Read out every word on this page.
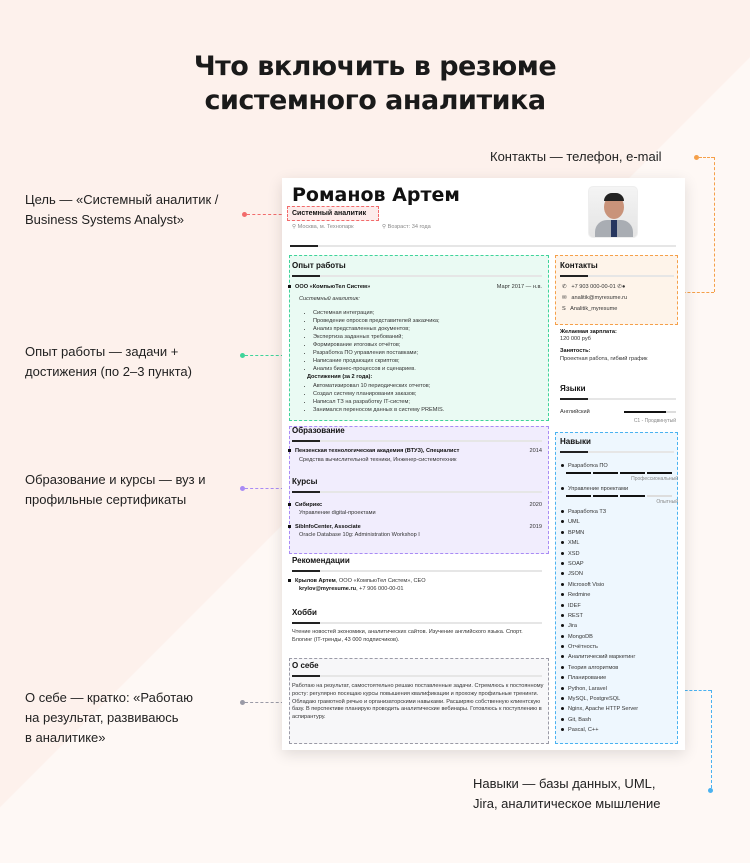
Что включить в резюме
системного аналитика
Цель — «Системный аналитик /
Business Systems Analyst»
Контакты — телефон, e-mail
Опыт работы — задачи +
достижения (по 2–3 пункта)
Образование и курсы — вуз и
профильные сертификаты
О себе — кратко: «Работаю
на результат, развиваюсь
в аналитике»
Навыки — базы данных, UML,
Jira, аналитическое мышление
Романов Артем
Системный аналитик
⚲ Москва, м. Технопарк	⚲ Возраст: 34 года
Опыт работы
ООО «КомпьюТел Систем»	Март 2017 — н.в.
Системный аналитик:
• Системная интеграция;
• Проведение опросов представителей заказчика;
• Анализ представленных документов;
• Экспертиза заданных требований;
• Формирование итоговых отчётов;
• Разработка ПО управления поставками;
• Написание продающих скриптов;
• Анализ бизнес-процессов и сценариев.
Достижения (за 2 года):
• Автоматизировал 10 периодических отчетов;
• Создал систему планирования заказов;
• Написал ТЗ на разработку IT-систем;
• Занимался переносом данных в систему PREMIS.
Образование
Пензенская технологическая академия (ВТУЗ), Специалист	2014
Средства вычислительной техники, Инженер-системотехник
Курсы
Сибирикс	2020
Управление digital-проектами
SibInfoCenter, Associate	2019
Oracle Database 10g: Administration Workshop I
Рекомендации
Крылов Артем, ООО «КомпьюТел Систем», CEO
krylov@myresume.ru, +7 906 000-00-01
Хобби
Чтение новостей экономики, аналитических сайтов. Изучение английского языка. Спорт. Блогинг (IT-тренды, 43 000 подписчиков).
О себе
Работаю на результат, самостоятельно решаю поставленные задачи. Стремлюсь к постоянному росту: регулярно посещаю курсы повышения квалификации и прохожу профильные тренинги. Обладаю грамотной речью и организаторскими навыками. Расширяю собственную клиентскую базу. В перспективе планирую проводить аналитические вебинары. Готовлюсь к поступлению в аспирантуру.
Контакты
✆ +7 903 000-00-01 ✆●
✉ analitik@myresume.ru
S Analitik_myresume
Желаемая зарплата:
120 000 руб
Занятость:
Проектная работа, гибкий график
Языки
Английский
C1 - Продвинутый
Навыки
Разработка ПО
Профессиональный
Управление проектами
Опытный
Разработка ТЗ
UML
BPMN
XML
XSD
SOAP
JSON
Microsoft Visio
Redmine
IDEF
REST
Jira
MongoDB
Отчётность
Аналитический маркетинг
Теория алгоритмов
Планирование
Python, Laravel
MySQL, PostgreSQL
Nginx, Apache HTTP Server
Git, Bash
Pascal, C++
